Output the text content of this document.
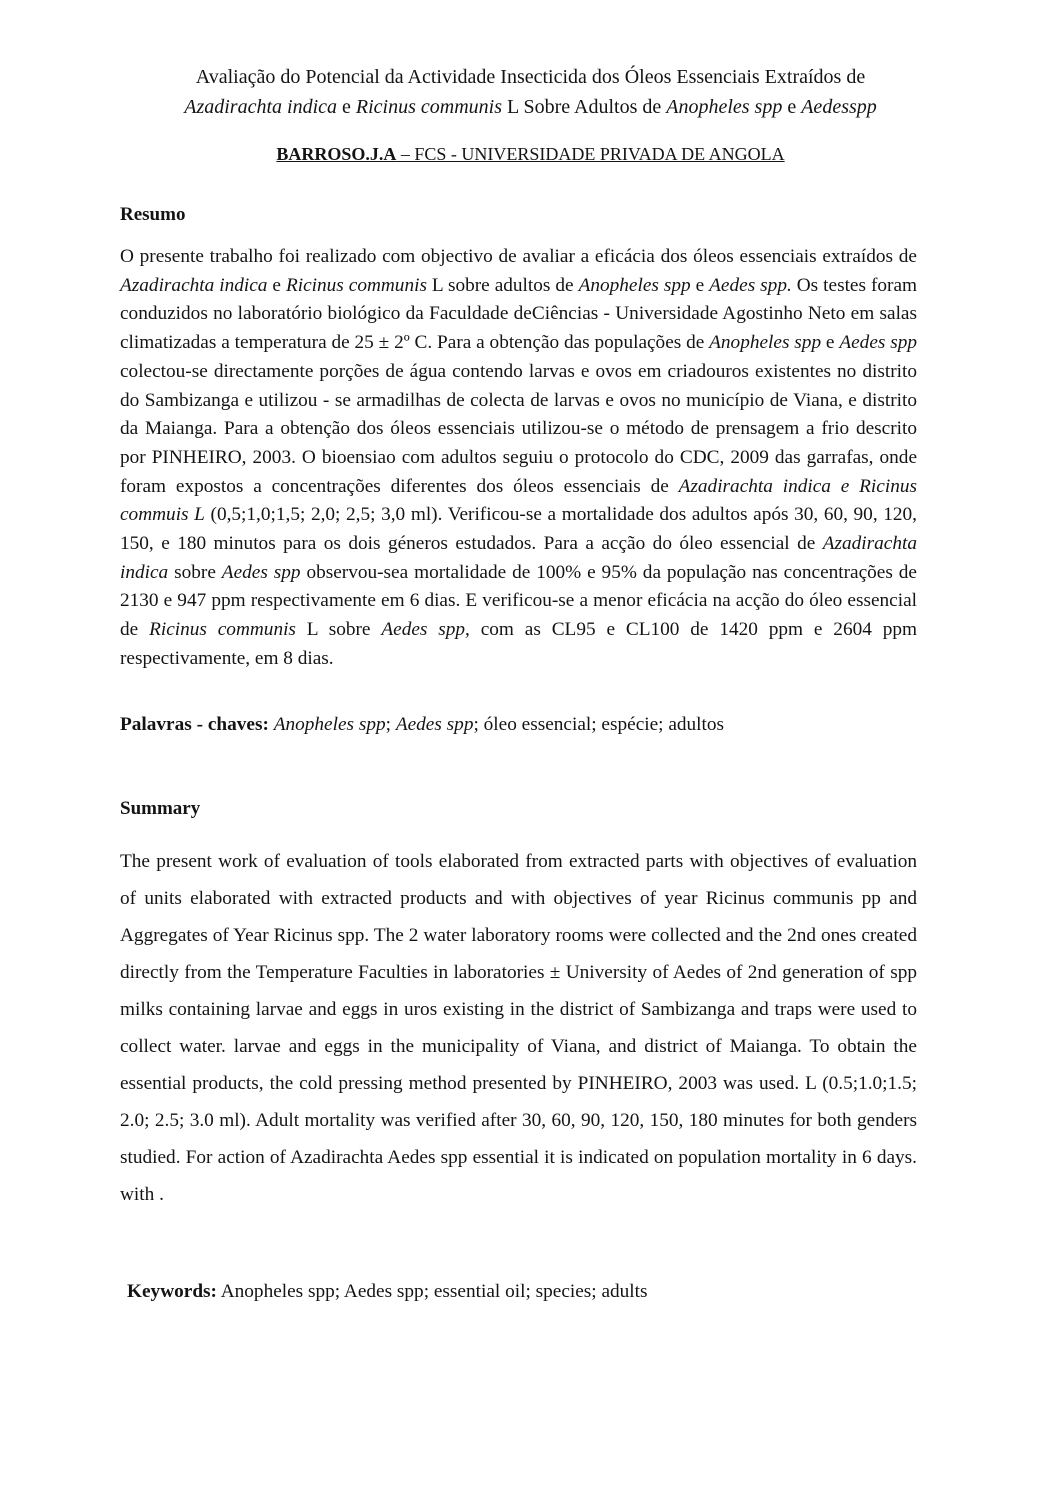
Avaliação do Potencial da Actividade Insecticida dos Óleos Essenciais Extraídos de
Azadirachta indica e Ricinus communis L Sobre Adultos de Anopheles spp e Aedesspp
BARROSO.J.A – FCS - UNIVERSIDADE PRIVADA DE ANGOLA
Resumo
O presente trabalho foi realizado com objectivo de avaliar a eficácia dos óleos essenciais extraídos de Azadirachta indica e Ricinus communis L sobre adultos de Anopheles spp e Aedes spp. Os testes foram conduzidos no laboratório biológico da Faculdade deCiências - Universidade Agostinho Neto em salas climatizadas a temperatura de 25 ± 2º C. Para a obtenção das populações de Anopheles spp e Aedes spp colectou-se directamente porções de água contendo larvas e ovos em criadouros existentes no distrito do Sambizanga e utilizou - se armadilhas de colecta de larvas e ovos no município de Viana, e distrito da Maianga. Para a obtenção dos óleos essenciais utilizou-se o método de prensagem a frio descrito por PINHEIRO, 2003. O bioensiao com adultos seguiu o protocolo do CDC, 2009 das garrafas, onde foram expostos a concentrações diferentes dos óleos essenciais de Azadirachta indica e Ricinus commuis L (0,5;1,0;1,5; 2,0; 2,5; 3,0 ml). Verificou-se a mortalidade dos adultos após 30, 60, 90, 120, 150, e 180 minutos para os dois géneros estudados. Para a acção do óleo essencial de Azadirachta indica sobre Aedes spp observou-sea mortalidade de 100% e 95% da população nas concentrações de 2130 e 947 ppm respectivamente em 6 dias. E verificou-se a menor eficácia na acção do óleo essencial de Ricinus communis L sobre Aedes spp, com as CL95 e CL100 de 1420 ppm e 2604 ppm respectivamente, em 8 dias.
Palavras - chaves: Anopheles spp; Aedes spp; óleo essencial; espécie; adultos
Summary
The present work of evaluation of tools elaborated from extracted parts with objectives of evaluation of units elaborated with extracted products and with objectives of year Ricinus communis pp and Aggregates of Year Ricinus spp. The 2 water laboratory rooms were collected and the 2nd ones created directly from the Temperature Faculties in laboratories ± University of Aedes of 2nd generation of spp milks containing larvae and eggs in uros existing in the district of Sambizanga and traps were used to collect water. larvae and eggs in the municipality of Viana, and district of Maianga. To obtain the essential products, the cold pressing method presented by PINHEIRO, 2003 was used. L (0.5;1.0;1.5; 2.0; 2.5; 3.0 ml). Adult mortality was verified after 30, 60, 90, 120, 150, 180 minutes for both genders studied. For action of Azadirachta Aedes spp essential it is indicated on population mortality in 6 days. with .
Keywords: Anopheles spp; Aedes spp; essential oil; species; adults
